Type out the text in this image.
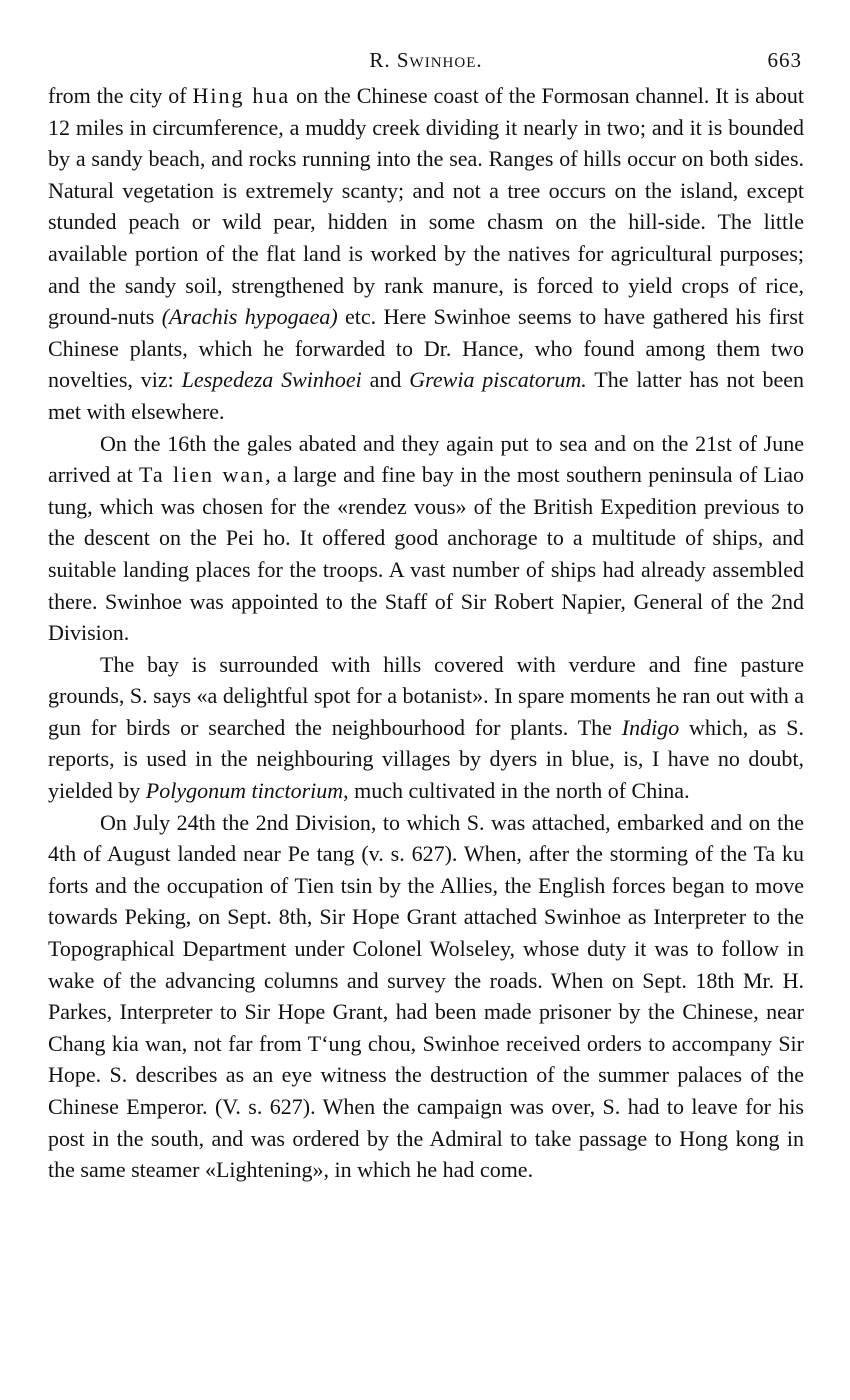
R. Swinhoe.	663

from the city of Hing hua on the Chinese coast of the Formosan channel. It is about 12 miles in circumference, a muddy creek dividing it nearly in two; and it is bounded by a sandy beach, and rocks running into the sea. Ranges of hills occur on both sides. Natural vegetation is extremely scanty; and not a tree occurs on the island, except stunded peach or wild pear, hidden in some chasm on the hill-side. The little available portion of the flat land is worked by the natives for agricultural purposes; and the sandy soil, strengthened by rank manure, is forced to yield crops of rice, ground-nuts (Arachis hypogaea) etc. Here Swinhoe seems to have gathered his first Chinese plants, which he forwarded to Dr. Hance, who found among them two novelties, viz: Lespedeza Swinhoei and Grewia piscatorum. The latter has not been met with elsewhere.

On the 16th the gales abated and they again put to sea and on the 21st of June arrived at Ta lien wan, a large and fine bay in the most southern peninsula of Liao tung, which was chosen for the «rendez vous» of the British Expedition previous to the descent on the Pei ho. It offered good anchorage to a multitude of ships, and suitable landing places for the troops. A vast number of ships had already assembled there. Swinhoe was appointed to the Staff of Sir Robert Napier, General of the 2nd Division.

The bay is surrounded with hills covered with verdure and fine pasture grounds, S. says «a delightful spot for a botanist». In spare moments he ran out with a gun for birds or searched the neighbourhood for plants. The Indigo which, as S. reports, is used in the neighbouring villages by dyers in blue, is, I have no doubt, yielded by Polygonum tinctorium, much cultivated in the north of China.

On July 24th the 2nd Division, to which S. was attached, embarked and on the 4th of August landed near Pe tang (v. s. 627). When, after the storming of the Ta ku forts and the occupation of Tien tsin by the Allies, the English forces began to move towards Peking, on Sept. 8th, Sir Hope Grant attached Swinhoe as Interpreter to the Topographical Department under Colonel Wolseley, whose duty it was to follow in wake of the advancing columns and survey the roads. When on Sept. 18th Mr. H. Parkes, Interpreter to Sir Hope Grant, had been made prisoner by the Chinese, near Chang kia wan, not far from Tʻung chou, Swinhoe received orders to accompany Sir Hope. S. describes as an eye witness the destruction of the summer palaces of the Chinese Emperor. (V. s. 627). When the campaign was over, S. had to leave for his post in the south, and was ordered by the Admiral to take passage to Hong kong in the same steamer «Lightening», in which he had come.
